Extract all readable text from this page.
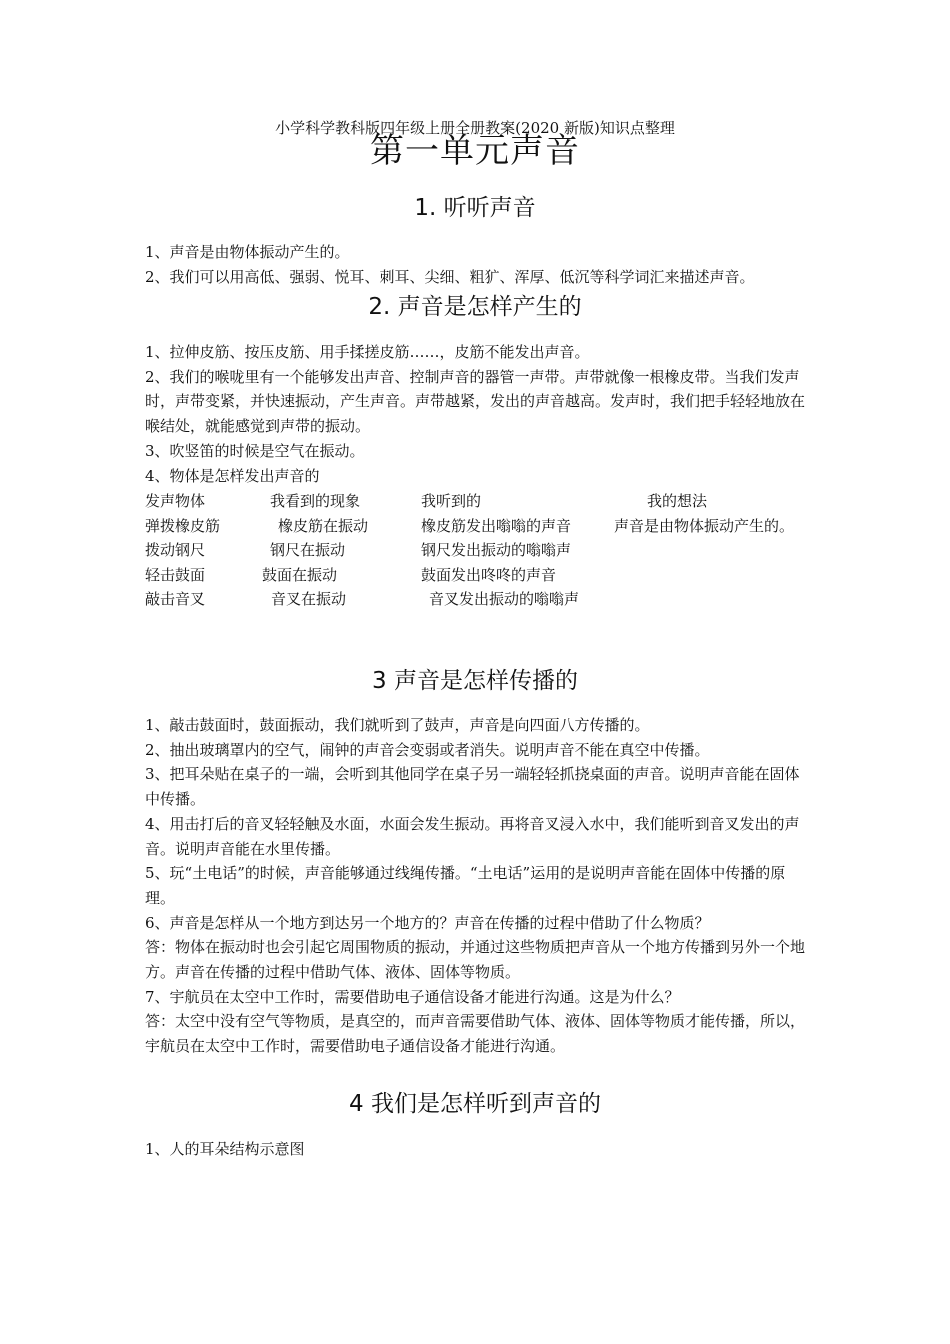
小学科学教科版四年级上册全册教案(2020 新版)知识点整理
第一单元声音
1. 听听声音

1、声音是由物体振动产生的。

2、我们可以用高低、强弱、悦耳、刺耳、尖细、粗犷、浑厚、低沉等科学词汇来描述声音。

2. 声音是怎样产生的

1、拉伸皮筋、按压皮筋、用手揉搓皮筋……，皮筋不能发出声音。

2、我们的喉咙里有一个能够发出声音、控制声音的器管一声带。声带就像一根橡皮带。当我们发声时，声带变紧，并快速振动，产生声音。声带越紧，发出的声音越高。发声时，我们把手轻轻地放在喉结处，就能感觉到声带的振动。

3、吹竖笛的时候是空气在振动。

4、物体是怎样发出声音的

发声物体	我看到的现象	我听到的	我的想法
弹拨橡皮筋	橡皮筋在振动	橡皮筋发出嗡嗡的声音	声音是由物体振动产生的。
拨动钢尺	钢尺在振动	钢尺发出振动的嗡嗡声
轻击鼓面	鼓面在振动	鼓面发出咚咚的声音
敲击音叉	音叉在振动	音叉发出振动的嗡嗡声
3 声音是怎样传播的

1、敲击鼓面时，鼓面振动，我们就听到了鼓声，声音是向四面八方传播的。

2、抽出玻璃罩内的空气，闹钟的声音会变弱或者消失。说明声音不能在真空中传播。

3、把耳朵贴在桌子的一端，会听到其他同学在桌子另一端轻轻抓挠桌面的声音。说明声音能在固体中传播。

4、用击打后的音叉轻轻触及水面，水面会发生振动。再将音叉浸入水中，我们能听到音叉发出的声音。说明声音能在水里传播。

5、玩“土电话”的时候，声音能够通过线绳传播。“土电话”运用的是说明声音能在固体中传播的原理。

6、声音是怎样从一个地方到达另一个地方的？声音在传播的过程中借助了什么物质？

答：物体在振动时也会引起它周围物质的振动，并通过这些物质把声音从一个地方传播到另外一个地方。声音在传播的过程中借助气体、液体、固体等物质。

7、宇航员在太空中工作时，需要借助电子通信设备才能进行沟通。这是为什么？

答：太空中没有空气等物质，是真空的，而声音需要借助气体、液体、固体等物质才能传播，所以，宇航员在太空中工作时，需要借助电子通信设备才能进行沟通。

4 我们是怎样听到声音的

1、人的耳朵结构示意图
